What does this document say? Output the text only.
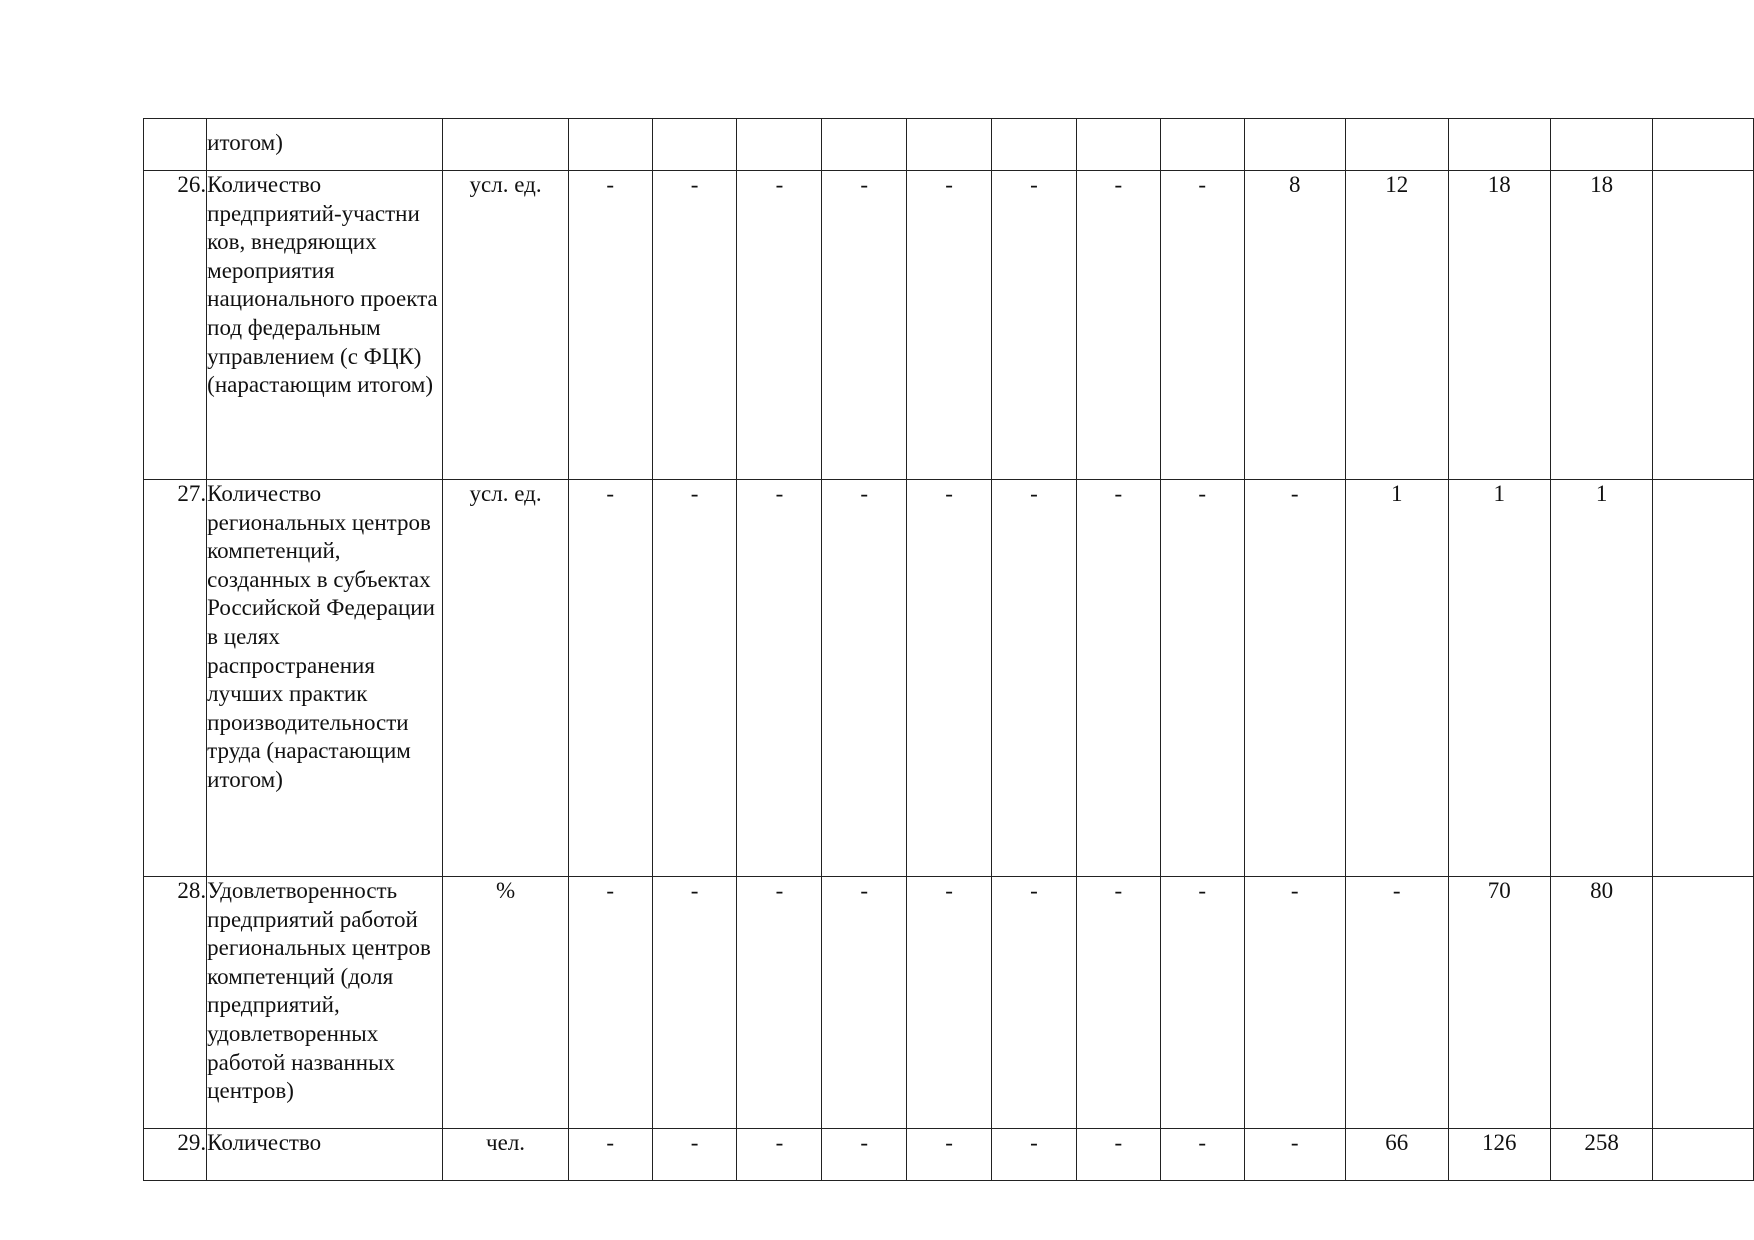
	итогом)														
26.	Количество предприятий-участни ков, внедряющих мероприятия национального проекта под федеральным управлением (с ФЦК) (нарастающим итогом)	усл. ед.	-	-	-	-	-	-	-	-	8	12	18	18	
27.	Количество региональных центров компетенций, созданных в субъектах Российской Федерации в целях распространения лучших практик производительности труда (нарастающим итогом)	усл. ед.	-	-	-	-	-	-	-	-	-	1	1	1	
28.	Удовлетворенность предприятий работой региональных центров компетенций (доля предприятий, удовлетворенных работой названных центров)	%	-	-	-	-	-	-	-	-	-	-	70	80	
29.	Количество	чел.	-	-	-	-	-	-	-	-	-	66	126	258	
